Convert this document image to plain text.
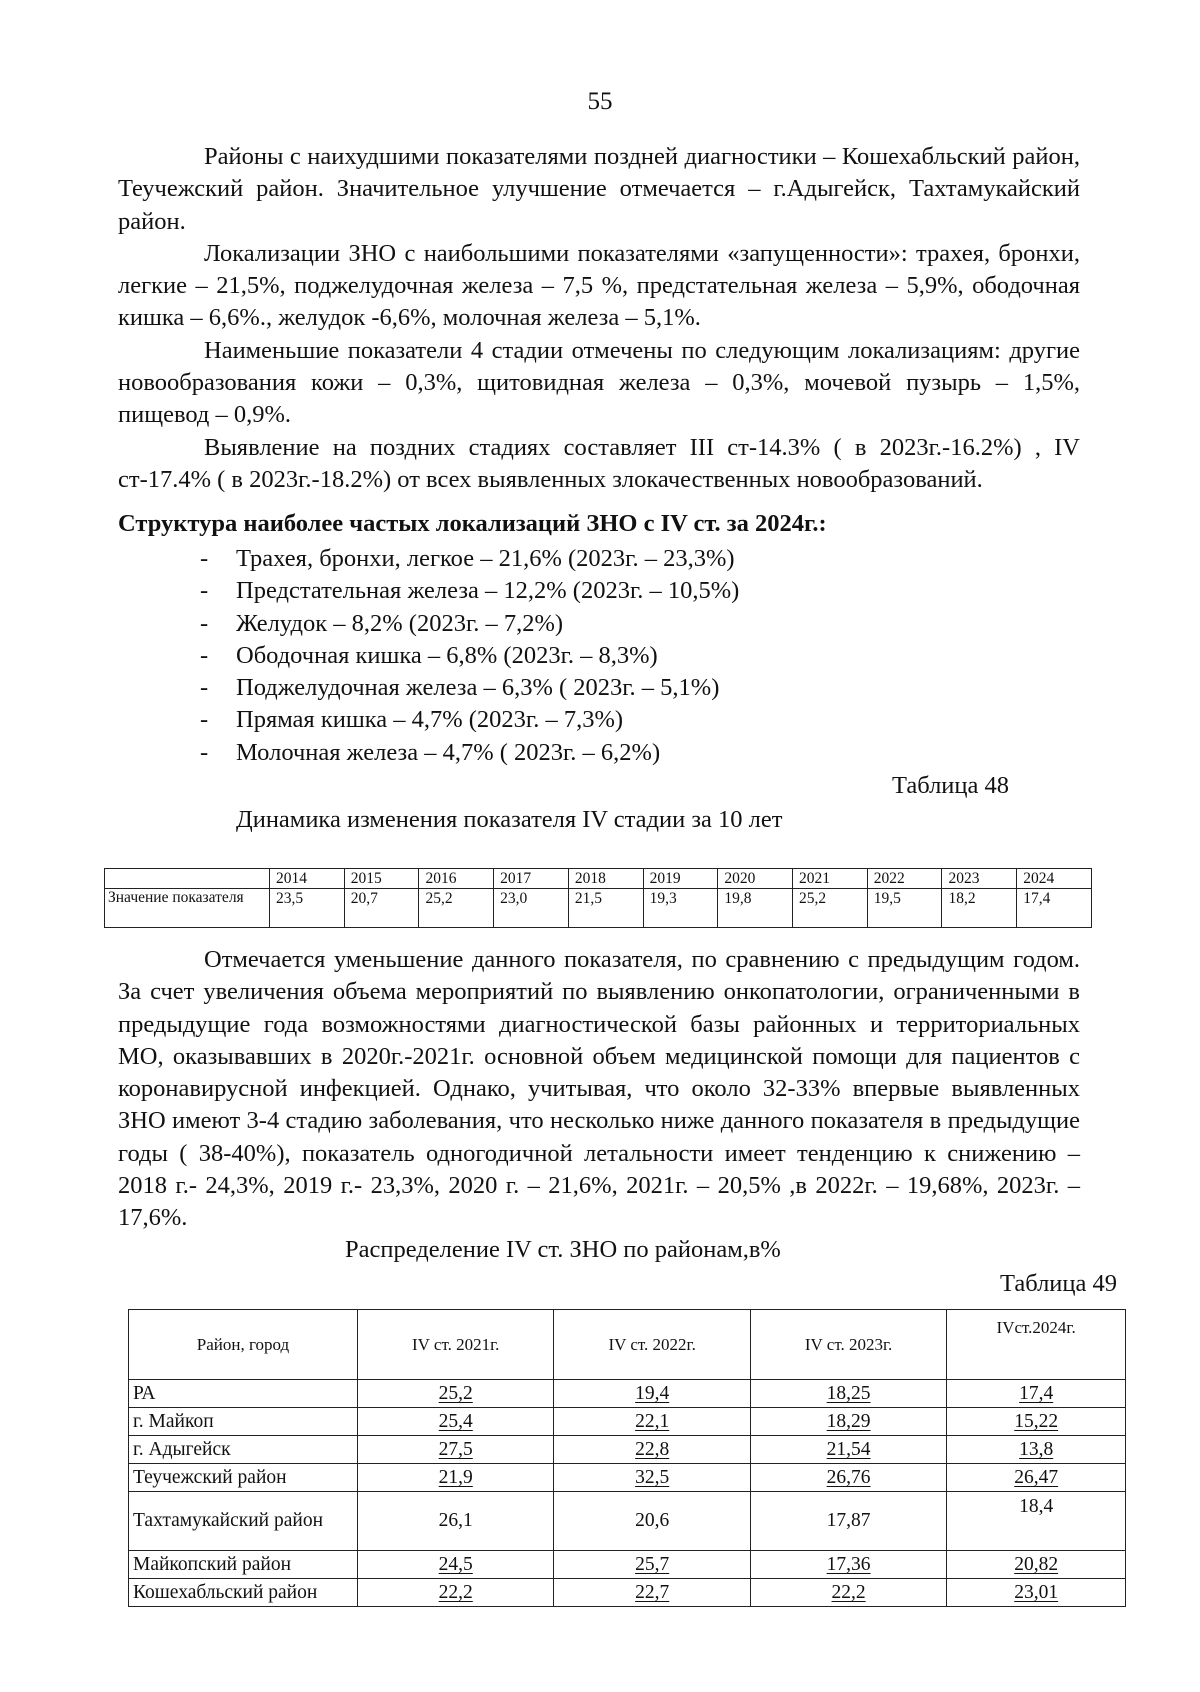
55

Районы с наихудшими показателями поздней диагностики – Кошехабльский район, Теучежский район. Значительное улучшение отмечается – г.Адыгейск, Тахтамукайский район.

Локализации ЗНО с наибольшими показателями «запущенности»: трахея, бронхи, легкие – 21,5%, поджелудочная железа – 7,5 %, предстательная железа – 5,9%, ободочная кишка – 6,6%., желудок -6,6%, молочная железа – 5,1%.

Наименьшие показатели 4 стадии отмечены по следующим локализациям: другие новообразования кожи – 0,3%, щитовидная железа – 0,3%, мочевой пузырь – 1,5%, пищевод – 0,9%.

Выявление на поздних стадиях составляет III ст-14.3% ( в 2023г.-16.2%) , IV ст-17.4% ( в 2023г.-18.2%) от всех выявленных злокачественных новообразований.

Структура наиболее частых локализаций ЗНО с IV ст. за 2024г.:
- Трахея, бронхи, легкое – 21,6% (2023г. – 23,3%)
- Предстательная железа – 12,2% (2023г. – 10,5%)
- Желудок – 8,2% (2023г. – 7,2%)
- Ободочная кишка – 6,8% (2023г. – 8,3%)
- Поджелудочная железа – 6,3% ( 2023г. – 5,1%)
- Прямая кишка – 4,7% (2023г. – 7,3%)
- Молочная железа – 4,7% ( 2023г. – 6,2%)
Таблица 48
Динамика изменения показателя IV стадии за 10 лет
	2014	2015	2016	2017	2018	2019	2020	2021	2022	2023	2024
Значение показателя	23,5	20,7	25,2	23,0	21,5	19,3	19,8	25,2	19,5	18,2	17,4

Отмечается уменьшение данного показателя, по сравнению с предыдущим годом. За счет увеличения объема мероприятий по выявлению онкопатологии, ограниченными в предыдущие года возможностями диагностической базы районных и территориальных МО, оказывавших в 2020г.-2021г. основной объем медицинской помощи для пациентов с коронавирусной инфекцией. Однако, учитывая, что около 32-33% впервые выявленных ЗНО имеют 3-4 стадию заболевания, что несколько ниже данного показателя в предыдущие годы ( 38-40%), показатель одногодичной летальности имеет тенденцию к снижению – 2018 г.- 24,3%, 2019 г.- 23,3%, 2020 г. – 21,6%, 2021г. – 20,5% ,в 2022г. – 19,68%, 2023г. – 17,6%.

Распределение IV ст. ЗНО по районам,в%
Таблица 49
Район, город	IV ст. 2021г.	IV ст. 2022г.	IV ст. 2023г.	IVст.2024г.
РА	25,2	19,4	18,25	17,4
г. Майкоп	25,4	22,1	18,29	15,22
г. Адыгейск	27,5	22,8	21,54	13,8
Теучежский район	21,9	32,5	26,76	26,47
Тахтамукайский район	26,1	20,6	17,87	18,4
Майкопский район	24,5	25,7	17,36	20,82
Кошехабльский район	22,2	22,7	22,2	23,01
